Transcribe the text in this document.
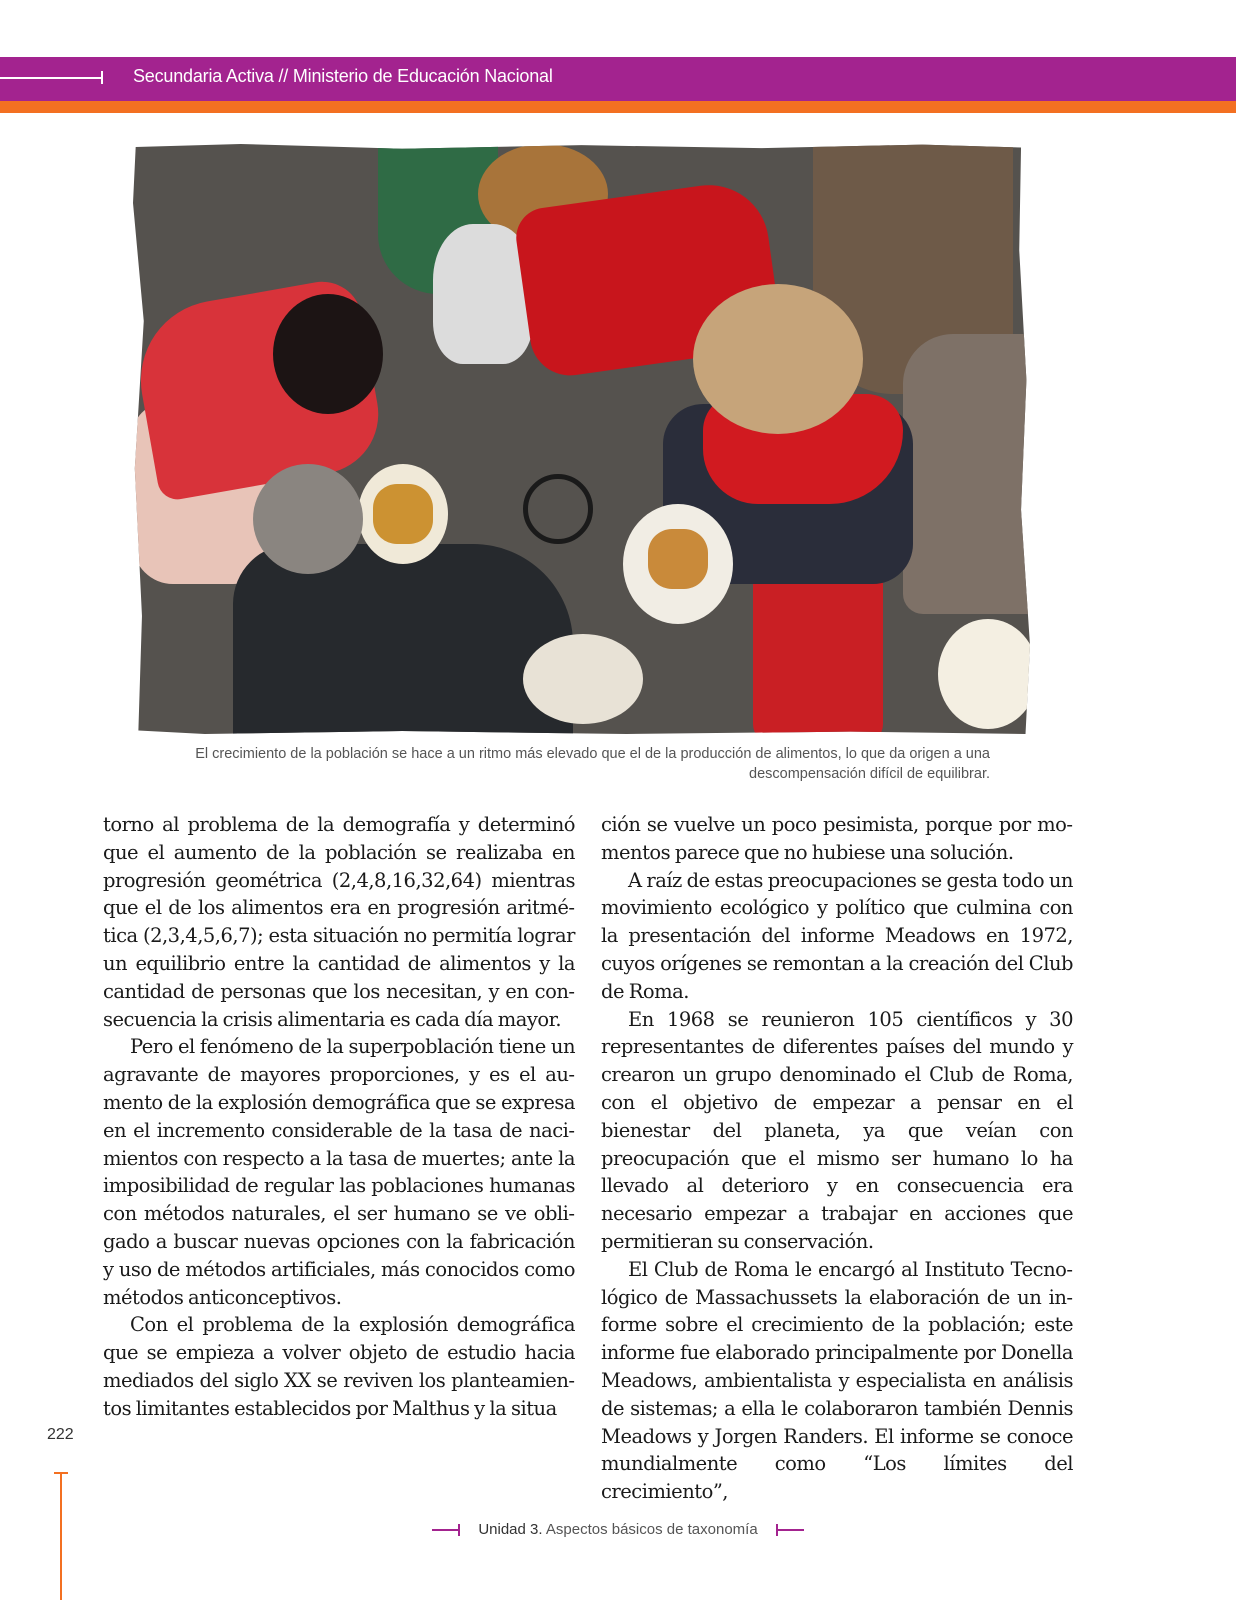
Secundaria Activa // Ministerio de Educación Nacional
El crecimiento de la población se hace a un ritmo más elevado que el de la producción de alimentos, lo que da origen a una
descompensación difícil de equilibrar.

torno al problema de la demografía y determinó que el aumento de la población se realizaba en progresión geométrica (2,4,8,16,32,64) mientras que el de los alimentos era en progresión aritmética (2,3,4,5,6,7); esta situación no permitía lograr un equilibrio entre la cantidad de alimentos y la cantidad de personas que los necesitan, y en consecuencia la crisis alimentaria es cada día mayor.

Pero el fenómeno de la superpoblación tiene un agravante de mayores proporciones, y es el aumento de la explosión demográfica que se expresa en el incremento considerable de la tasa de nacimientos con respecto a la tasa de muertes; ante la imposibilidad de regular las poblaciones humanas con métodos naturales, el ser humano se ve obligado a buscar nuevas opciones con la fabricación y uso de métodos artificiales, más conocidos como métodos anticonceptivos.

Con el problema de la explosión demográfica que se empieza a volver objeto de estudio hacia mediados del siglo XX se reviven los planteamientos limitantes establecidos por Malthus y la situa

ción se vuelve un poco pesimista, porque por momentos parece que no hubiese una solución.

A raíz de estas preocupaciones se gesta todo un movimiento ecológico y político que culmina con la presentación del informe Meadows en 1972, cuyos orígenes se remontan a la creación del Club de Roma.

En 1968 se reunieron 105 científicos y 30 representantes de diferentes países del mundo y crearon un grupo denominado el Club de Roma, con el objetivo de empezar a pensar en el bienestar del planeta, ya que veían con preocupación que el mismo ser humano lo ha llevado al deterioro y en consecuencia era necesario empezar a trabajar en acciones que permitieran su conservación.

El Club de Roma le encargó al Instituto Tecnológico de Massachussets la elaboración de un informe sobre el crecimiento de la población; este informe fue elaborado principalmente por Donella Meadows, ambientalista y especialista en análisis de sistemas; a ella le colaboraron también Dennis Meadows y Jorgen Randers. El informe se conoce mundialmente como “Los límites del crecimiento”,

222
Unidad 3. Aspectos básicos de taxonomía
